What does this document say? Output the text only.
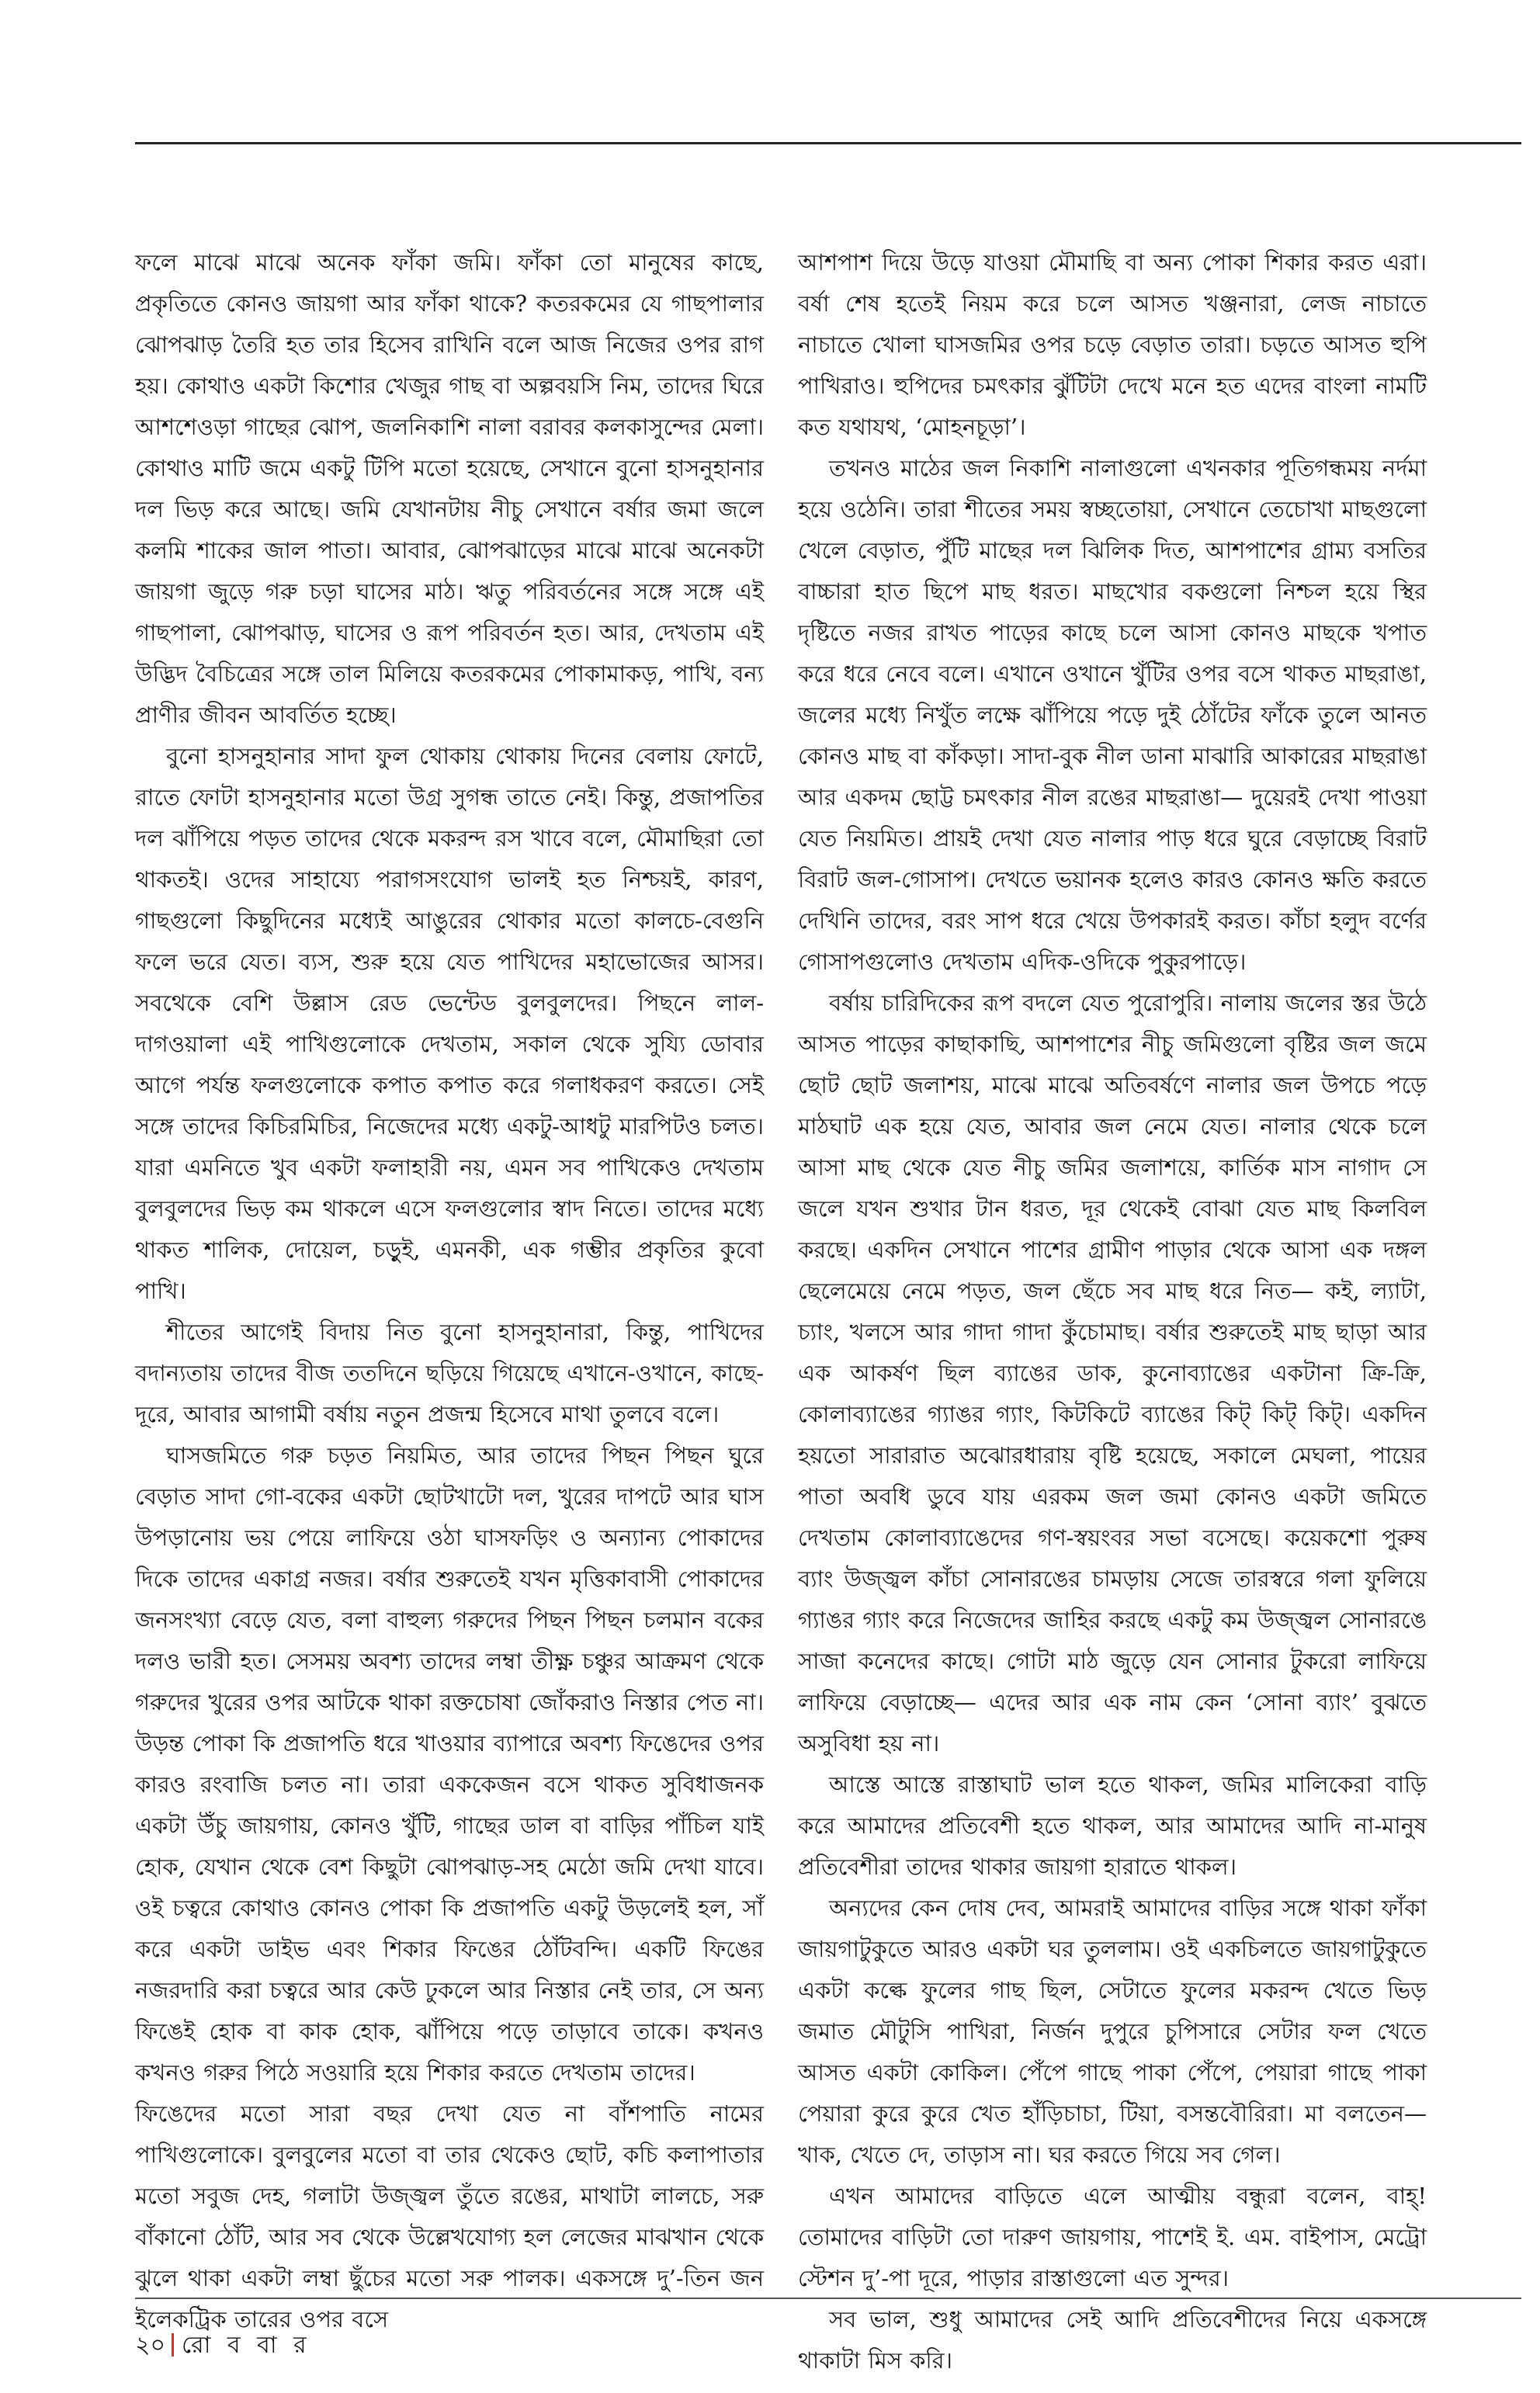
ফলে মাঝে মাঝে অনেক ফাঁকা জমি। ফাঁকা তো মানুষের কাছে, প্রকৃতিতে কোনও জায়গা আর ফাঁকা থাকে? কতরকমের যে গাছপালার ঝোপঝাড় তৈরি হত তার হিসেব রাখিনি বলে আজ নিজের ওপর রাগ হয়। কোথাও একটা কিশোর খেজুর গাছ বা অল্পবয়সি নিম, তাদের ঘিরে আশশেওড়া গাছের ঝোপ, জলনিকাশি নালা বরাবর কলকাসুন্দের মেলা। কোথাও মাটি জমে একটু টিপি মতো হয়েছে, সেখানে বুনো হাসনুহানার দল ভিড় করে আছে। জমি যেখানটায় নীচু সেখানে বর্ষার জমা জলে কলমি শাকের জাল পাতা। আবার, ঝোপঝাড়ের মাঝে মাঝে অনেকটা জায়গা জুড়ে গরু চড়া ঘাসের মাঠ। ঋতু পরিবর্তনের সঙ্গে সঙ্গে এই গাছপালা, ঝোপঝাড়, ঘাসের ও রূপ পরিবর্তন হত। আর, দেখতাম এই উদ্ভিদ বৈচিত্রের সঙ্গে তাল মিলিয়ে কতরকমের পোকামাকড়, পাখি, বন্য প্রাণীর জীবন আবর্তিত হচ্ছে।

বুনো হাসনুহানার সাদা ফুল থোকায় থোকায় দিনের বেলায় ফোটে, রাতে ফোটা হাসনুহানার মতো উগ্র সুগন্ধ তাতে নেই। কিন্তু, প্রজাপতির দল ঝাঁপিয়ে পড়ত তাদের থেকে মকরন্দ রস খাবে বলে, মৌমাছিরা তো থাকতই। ওদের সাহায্যে পরাগসংযোগ ভালই হত নিশ্চয়ই, কারণ, গাছগুলো কিছুদিনের মধ্যেই আঙুরের থোকার মতো কালচে-বেগুনি ফলে ভরে যেত। ব্যস, শুরু হয়ে যেত পাখিদের মহাভোজের আসর। সবথেকে বেশি উল্লাস রেড ভেন্টেড বুলবুলদের। পিছনে লাল-দাগওয়ালা এই পাখিগুলোকে দেখতাম, সকাল থেকে সুয্যি ডোবার আগে পর্যন্ত ফলগুলোকে কপাত কপাত করে গলাধকরণ করতে। সেই সঙ্গে তাদের কিচিরমিচির, নিজেদের মধ্যে একটু-আধটু মারপিটও চলত। যারা এমনিতে খুব একটা ফলাহারী নয়, এমন সব পাখিকেও দেখতাম বুলবুলদের ভিড় কম থাকলে এসে ফলগুলোর স্বাদ নিতে। তাদের মধ্যে থাকত শালিক, দোয়েল, চড়ুই, এমনকী, এক গম্ভীর প্রকৃতির কুবো পাখি।

শীতের আগেই বিদায় নিত বুনো হাসনুহানারা, কিন্তু, পাখিদের বদান্যতায় তাদের বীজ ততদিনে ছড়িয়ে গিয়েছে এখানে-ওখানে, কাছে-দূরে, আবার আগামী বর্ষায় নতুন প্রজন্ম হিসেবে মাথা তুলবে বলে।

ঘাসজমিতে গরু চড়ত নিয়মিত, আর তাদের পিছন পিছন ঘুরে বেড়াত সাদা গো-বকের একটা ছোটখাটো দল, খুরের দাপটে আর ঘাস উপড়ানোয় ভয় পেয়ে লাফিয়ে ওঠা ঘাসফড়িং ও অন্যান্য পোকাদের দিকে তাদের একাগ্র নজর। বর্ষার শুরুতেই যখন মৃত্তিকাবাসী পোকাদের জনসংখ্যা বেড়ে যেত, বলা বাহুল্য গরুদের পিছন পিছন চলমান বকের দলও ভারী হত। সেসময় অবশ্য তাদের লম্বা তীক্ষ্ণ চঞ্চুর আক্রমণ থেকে গরুদের খুরের ওপর আটকে থাকা রক্তচোষা জোঁকরাও নিস্তার পেত না। উড়ন্ত পোকা কি প্রজাপতি ধরে খাওয়ার ব্যাপারে অবশ্য ফিঙেদের ওপর কারও রংবাজি চলত না। তারা এককেজন বসে থাকত সুবিধাজনক একটা উঁচু জায়গায়, কোনও খুঁটি, গাছের ডাল বা বাড়ির পাঁচিল যাই হোক, যেখান থেকে বেশ কিছুটা ঝোপঝাড়-সহ মেঠো জমি দেখা যাবে। ওই চত্বরে কোথাও কোনও পোকা কি প্রজাপতি একটু উড়লেই হল, সাঁ করে একটা ডাইভ এবং শিকার ফিঙের ঠোঁটবন্দি। একটি ফিঙের নজরদারি করা চত্বরে আর কেউ ঢুকলে আর নিস্তার নেই তার, সে অন্য ফিঙেই হোক বা কাক হোক, ঝাঁপিয়ে পড়ে তাড়াবে তাকে। কখনও কখনও গরুর পিঠে সওয়ারি হয়ে শিকার করতে দেখতাম তাদের।

ফিঙেদের মতো সারা বছর দেখা যেত না বাঁশপাতি নামের পাখিগুলোকে। বুলবুলের মতো বা তার থেকেও ছোট, কচি কলাপাতার মতো সবুজ দেহ, গলাটা উজ্জ্বল তুঁতে রঙের, মাথাটা লালচে, সরু বাঁকানো ঠোঁট, আর সব থেকে উল্লেখযোগ্য হল লেজের মাঝখান থেকে ঝুলে থাকা একটা লম্বা ছুঁচের মতো সরু পালক। একসঙ্গে দু’-তিন জন ইলেকট্রিক তারের ওপর বসে

আশপাশ দিয়ে উড়ে যাওয়া মৌমাছি বা অন্য পোকা শিকার করত এরা। বর্ষা শেষ হতেই নিয়ম করে চলে আসত খঞ্জনারা, লেজ নাচাতে নাচাতে খোলা ঘাসজমির ওপর চড়ে বেড়াত তারা। চড়তে আসত হুপি পাখিরাও। হুপিদের চমৎকার ঝুঁটিটা দেখে মনে হত এদের বাংলা নামটি কত যথাযথ, ‘মোহনচূড়া’।

তখনও মাঠের জল নিকাশি নালাগুলো এখনকার পূতিগন্ধময় নর্দমা হয়ে ওঠেনি। তারা শীতের সময় স্বচ্ছতোয়া, সেখানে তেচোখা মাছগুলো খেলে বেড়াত, পুঁটি মাছের দল ঝিলিক দিত, আশপাশের গ্রাম্য বসতির বাচ্চারা হাত ছিপে মাছ ধরত। মাছখোর বকগুলো নিশ্চল হয়ে স্থির দৃষ্টিতে নজর রাখত পাড়ের কাছে চলে আসা কোনও মাছকে খপাত করে ধরে নেবে বলে। এখানে ওখানে খুঁটির ওপর বসে থাকত মাছরাঙা, জলের মধ্যে নিখুঁত লক্ষে ঝাঁপিয়ে পড়ে দুই ঠোঁটের ফাঁকে তুলে আনত কোনও মাছ বা কাঁকড়া। সাদা-বুক নীল ডানা মাঝারি আকারের মাছরাঙা আর একদম ছোট্ট চমৎকার নীল রঙের মাছরাঙা— দুয়েরই দেখা পাওয়া যেত নিয়মিত। প্রায়ই দেখা যেত নালার পাড় ধরে ঘুরে বেড়াচ্ছে বিরাট বিরাট জল-গোসাপ। দেখতে ভয়ানক হলেও কারও কোনও ক্ষতি করতে দেখিনি তাদের, বরং সাপ ধরে খেয়ে উপকারই করত। কাঁচা হলুদ বর্ণের গোসাপগুলোও দেখতাম এদিক-ওদিকে পুকুরপাড়ে।

বর্ষায় চারিদিকের রূপ বদলে যেত পুরোপুরি। নালায় জলের স্তর উঠে আসত পাড়ের কাছাকাছি, আশপাশের নীচু জমিগুলো বৃষ্টির জল জমে ছোট ছোট জলাশয়, মাঝে মাঝে অতিবর্ষণে নালার জল উপচে পড়ে মাঠঘাট এক হয়ে যেত, আবার জল নেমে যেত। নালার থেকে চলে আসা মাছ থেকে যেত নীচু জমির জলাশয়ে, কার্তিক মাস নাগাদ সে জলে যখন শুখার টান ধরত, দূর থেকেই বোঝা যেত মাছ কিলবিল করছে। একদিন সেখানে পাশের গ্রামীণ পাড়ার থেকে আসা এক দঙ্গল ছেলেমেয়ে নেমে পড়ত, জল ছেঁচে সব মাছ ধরে নিত— কই, ল্যাটা, চ্যাং, খলসে আর গাদা গাদা কুঁচোমাছ। বর্ষার শুরুতেই মাছ ছাড়া আর এক আকর্ষণ ছিল ব্যাঙের ডাক, কুনোব্যাঙের একটানা ক্রি-ক্রি, কোলাব্যাঙের গ্যাঙর গ্যাং, কিটকিটে ব্যাঙের কিট্ কিট্ কিট্। একদিন হয়তো সারারাত অঝোরধারায় বৃষ্টি হয়েছে, সকালে মেঘলা, পায়ের পাতা অবধি ডুবে যায় এরকম জল জমা কোনও একটা জমিতে দেখতাম কোলাব্যাঙেদের গণ-স্বয়ংবর সভা বসেছে। কয়েকশো পুরুষ ব্যাং উজ্জ্বল কাঁচা সোনারঙের চামড়ায় সেজে তারস্বরে গলা ফুলিয়ে গ্যাঙর গ্যাং করে নিজেদের জাহির করছে একটু কম উজ্জ্বল সোনারঙে সাজা কনেদের কাছে। গোটা মাঠ জুড়ে যেন সোনার টুকরো লাফিয়ে লাফিয়ে বেড়াচ্ছে— এদের আর এক নাম কেন ‘সোনা ব্যাং’ বুঝতে অসুবিধা হয় না।

আস্তে আস্তে রাস্তাঘাট ভাল হতে থাকল, জমির মালিকেরা বাড়ি করে আমাদের প্রতিবেশী হতে থাকল, আর আমাদের আদি না-মানুষ প্রতিবেশীরা তাদের থাকার জায়গা হারাতে থাকল।

অন্যদের কেন দোষ দেব, আমরাই আমাদের বাড়ির সঙ্গে থাকা ফাঁকা জায়গাটুকুতে আরও একটা ঘর তুললাম। ওই একচিলতে জায়গাটুকুতে একটা কল্কে ফুলের গাছ ছিল, সেটাতে ফুলের মকরন্দ খেতে ভিড় জমাত মৌটুসি পাখিরা, নির্জন দুপুরে চুপিসারে সেটার ফল খেতে আসত একটা কোকিল। পেঁপে গাছে পাকা পেঁপে, পেয়ারা গাছে পাকা পেয়ারা কুরে কুরে খেত হাঁড়িচাচা, টিয়া, বসন্তবৌরিরা। মা বলতেন— খাক, খেতে দে, তাড়াস না। ঘর করতে গিয়ে সব গেল।

এখন আমাদের বাড়িতে এলে আত্মীয় বন্ধুরা বলেন, বাহ্! তোমাদের বাড়িটা তো দারুণ জায়গায়, পাশেই ই. এম. বাইপাস, মেট্রো স্টেশন দু’-পা দূরে, পাড়ার রাস্তাগুলো এত সুন্দর।

সব ভাল, শুধু আমাদের সেই আদি প্রতিবেশীদের নিয়ে একসঙ্গে থাকাটা মিস করি।

২০ রো ব বা র
